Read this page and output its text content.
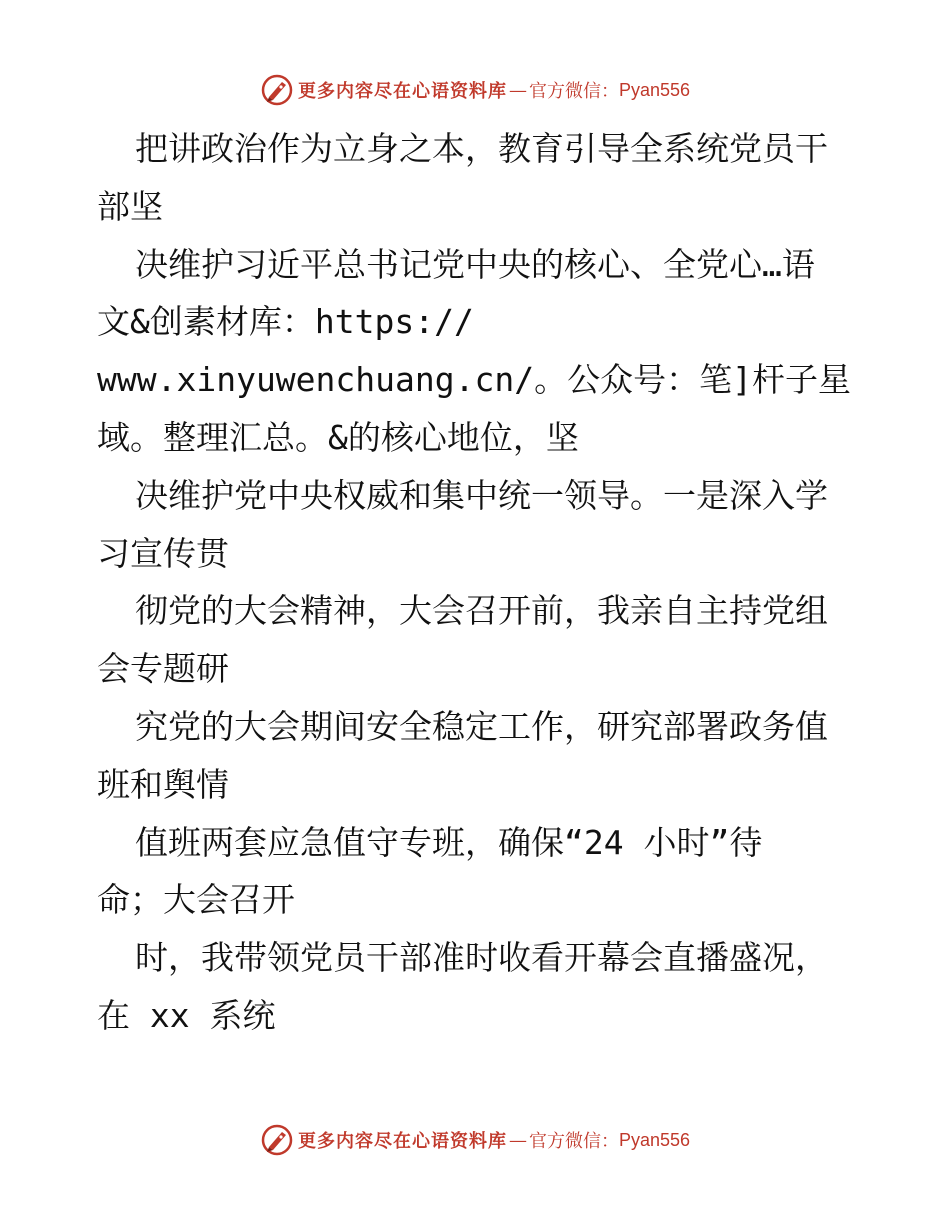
更多内容尽在心语资料库 — 官方微信： Pyan556
把讲政治作为立身之本，教育引导全系统党员干
部坚
决维护习近平总书记党中央的核心、全党心…语
文&创素材库：https://
www.xinyuwenchuang.cn/。公众号：笔]杆子星
域。整理汇总。&的核心地位，坚
决维护党中央权威和集中统一领导。一是深入学
习宣传贯
彻党的大会精神，大会召开前，我亲自主持党组
会专题研
究党的大会期间安全稳定工作，研究部署政务值
班和舆情
值班两套应急值守专班，确保“24 小时”待
命；大会召开
时，我带领党员干部准时收看开幕会直播盛况，
在 xx 系统
更多内容尽在心语资料库 — 官方微信： Pyan556
